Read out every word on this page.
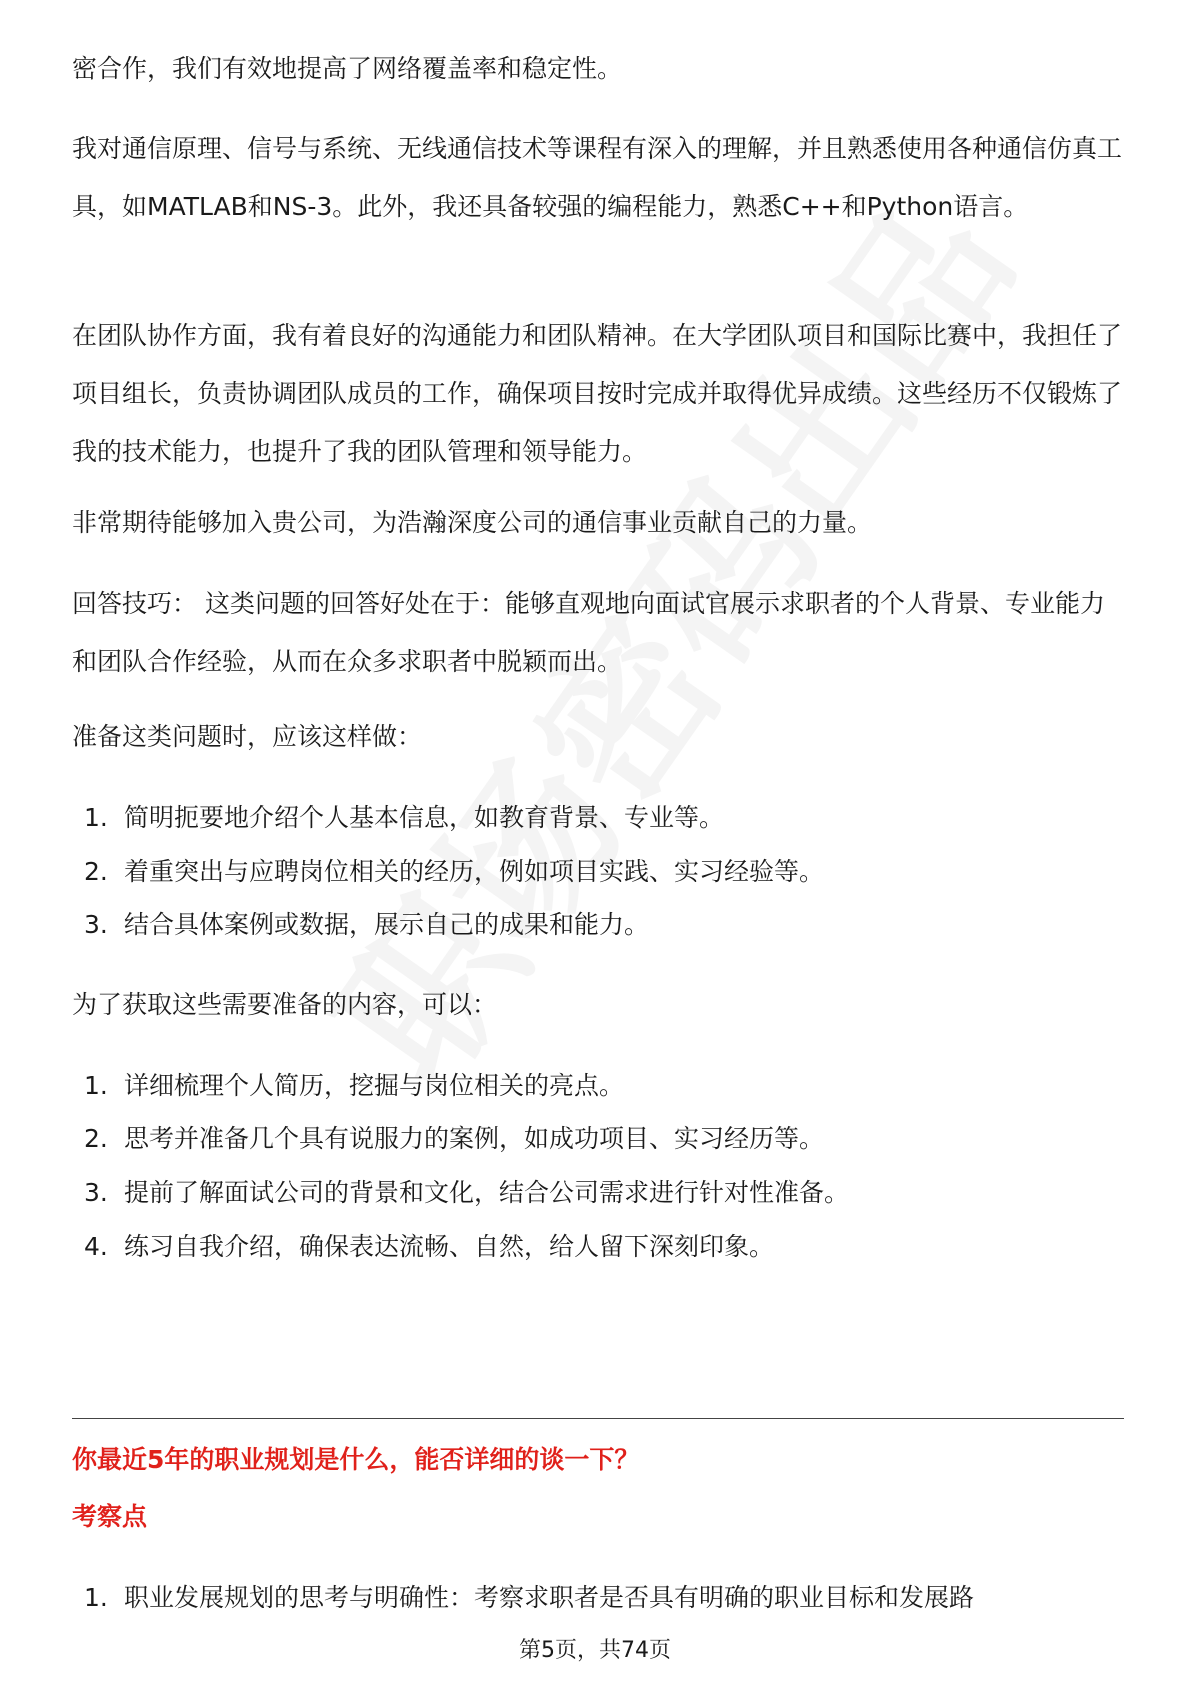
密合作，我们有效地提高了网络覆盖率和稳定性。

我对通信原理、信号与系统、无线通信技术等课程有深入的理解，并且熟悉使用各种通信仿真工具，如MATLAB和NS-3。此外，我还具备较强的编程能力，熟悉C++和Python语言。

在团队协作方面，我有着良好的沟通能力和团队精神。在大学团队项目和国际比赛中，我担任了项目组长，负责协调团队成员的工作，确保项目按时完成并取得优异成绩。这些经历不仅锻炼了我的技术能力，也提升了我的团队管理和领导能力。

非常期待能够加入贵公司，为浩瀚深度公司的通信事业贡献自己的力量。

回答技巧： 这类问题的回答好处在于：能够直观地向面试官展示求职者的个人背景、专业能力和团队合作经验，从而在众多求职者中脱颖而出。

准备这类问题时，应该这样做：

1. 简明扼要地介绍个人基本信息，如教育背景、专业等。
2. 着重突出与应聘岗位相关的经历，例如项目实践、实习经验等。
3. 结合具体案例或数据，展示自己的成果和能力。

为了获取这些需要准备的内容，可以：

1. 详细梳理个人简历，挖掘与岗位相关的亮点。
2. 思考并准备几个具有说服力的案例，如成功项目、实习经历等。
3. 提前了解面试公司的背景和文化，结合公司需求进行针对性准备。
4. 练习自我介绍，确保表达流畅、自然，给人留下深刻印象。

你最近5年的职业规划是什么，能否详细的谈一下？

考察点

1. 职业发展规划的思考与明确性：考察求职者是否具有明确的职业目标和发展路
第5页，共74页
